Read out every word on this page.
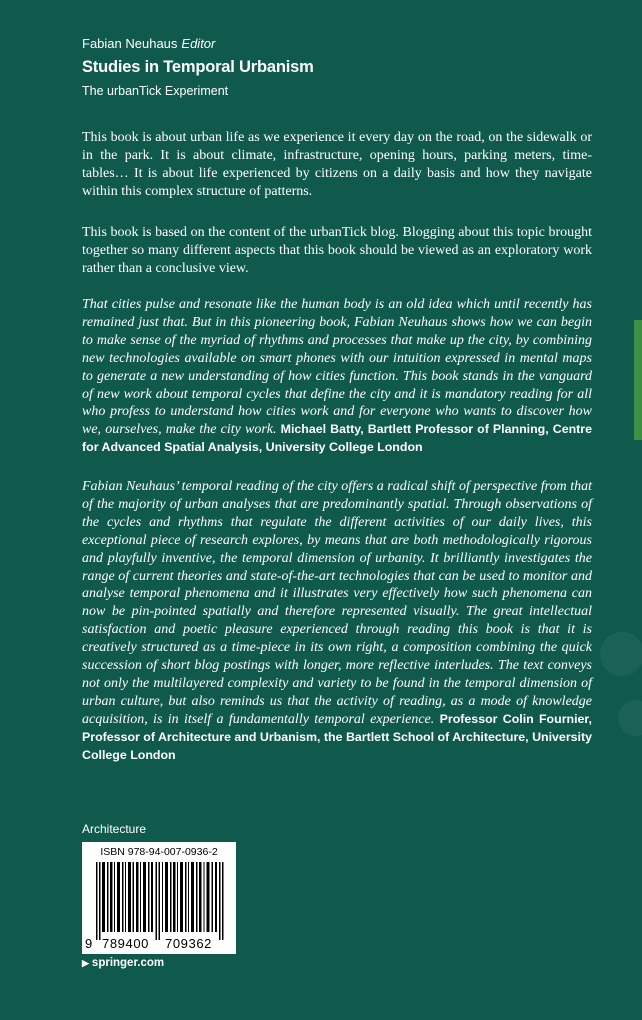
Fabian Neuhaus Editor
Studies in Temporal Urbanism
The urbanTick Experiment

This book is about urban life as we experience it every day on the road, on the sidewalk or in the park. It is about climate, infrastructure, opening hours, parking meters, time-tables… It is about life experienced by citizens on a daily basis and how they navigate within this complex structure of patterns.

This book is based on the content of the urbanTick blog. Blogging about this topic brought together so many different aspects that this book should be viewed as an exploratory work rather than a conclusive view.

That cities pulse and resonate like the human body is an old idea which until recently has remained just that. But in this pioneering book, Fabian Neuhaus shows how we can begin to make sense of the myriad of rhythms and processes that make up the city, by combining new technologies available on smart phones with our intuition expressed in mental maps to generate a new understanding of how cities function. This book stands in the vanguard of new work about temporal cycles that define the city and it is mandatory reading for all who profess to understand how cities work and for everyone who wants to discover how we, ourselves, make the city work. Michael Batty, Bartlett Professor of Planning, Centre for Advanced Spatial Analysis, University College London

Fabian Neuhaus’ temporal reading of the city offers a radical shift of perspective from that of the majority of urban analyses that are predominantly spatial. Through observations of the cycles and rhythms that regulate the different activities of our daily lives, this exceptional piece of research explores, by means that are both methodologically rigorous and playfully inventive, the temporal dimension of urbanity. It brilliantly investigates the range of current theories and state-of-the-art technologies that can be used to monitor and analyse temporal phenomena and it illustrates very effectively how such phenomena can now be pin-pointed spatially and therefore represented visually. The great intellectual satisfaction and poetic pleasure experienced through reading this book is that it is creatively structured as a time-piece in its own right, a composition combining the quick succession of short blog postings with longer, more reflective interludes. The text conveys not only the multilayered complexity and variety to be found in the temporal dimension of urban culture, but also reminds us that the activity of reading, as a mode of knowledge acquisition, is in itself a fundamentally temporal experience. Professor Colin Fournier, Professor of Architecture and Urbanism, the Bartlett School of Architecture, University College London

Architecture
ISBN 978-94-007-0936-2
9 789400 709362
▶ springer.com
